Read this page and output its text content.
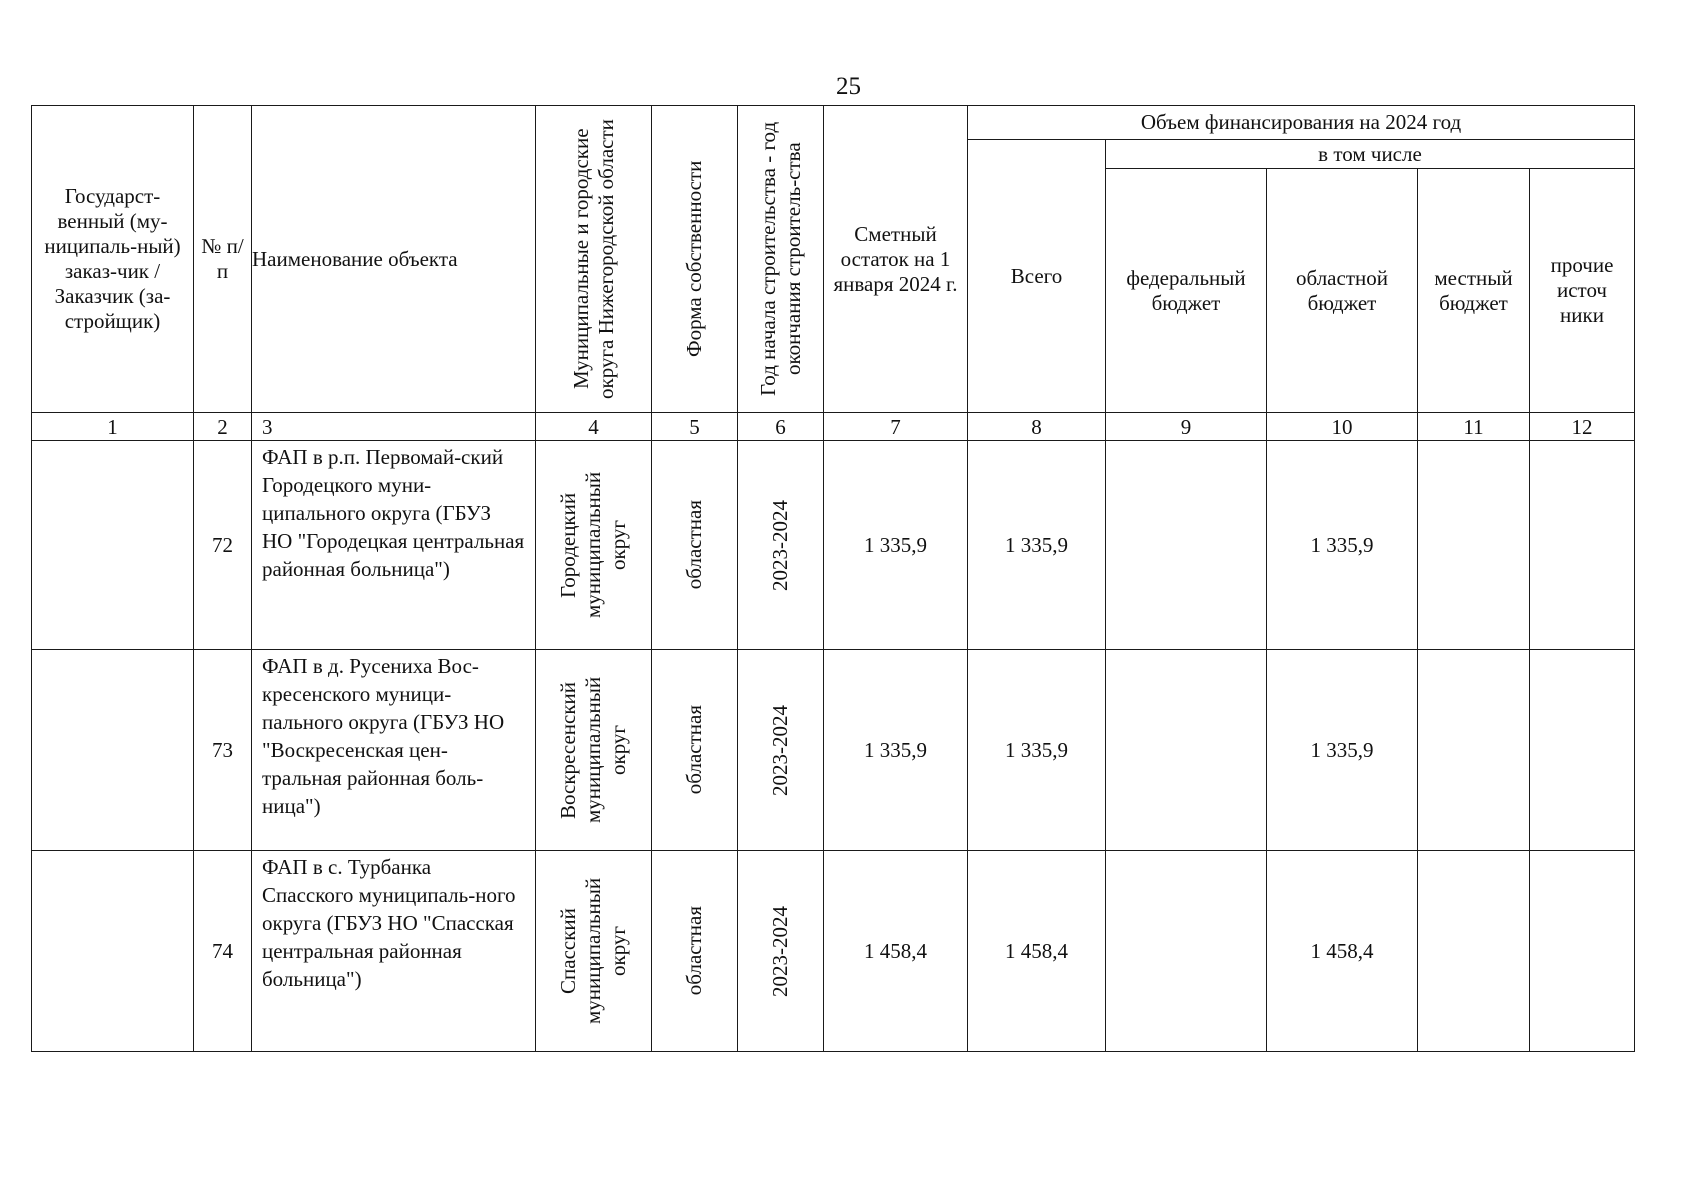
25
Государст-венный (му-ниципаль-ный) заказ-чик / Заказчик (за-стройщик)	№ п/п	Наименование объекта	Муниципальные и городские округа Нижегородской области	Форма собственности	Год начала строительства - год окончания строитель-ства	Сметный остаток на 1 января 2024 г.	Объем финансирования на 2024 год				

							Всего	в том числе			

								федеральный бюджет	областной бюджет	местный бюджет	прочие источ ники

1	2	3	4	5	6	7	8	9	10	11	12
	72	ФАП в р.п. Первомай-ский Городецкого муни-ципального округа (ГБУЗ НО "Городецкая центральная районная больница")	Городецкий муниципальный округ	областная	2023-2024	1 335,9	1 335,9		1 335,9		
	73	ФАП в д. Русениха Вос-кресенского муници-пального округа (ГБУЗ НО "Воскресенская цен-тральная районная боль-ница")	Воскресенский муниципальный округ	областная	2023-2024	1 335,9	1 335,9		1 335,9		
	74	ФАП в с. Турбанка Спасского муниципаль-ного округа (ГБУЗ НО "Спасская центральная районная больница")	Спасский муниципальный округ	областная	2023-2024	1 458,4	1 458,4		1 458,4		
